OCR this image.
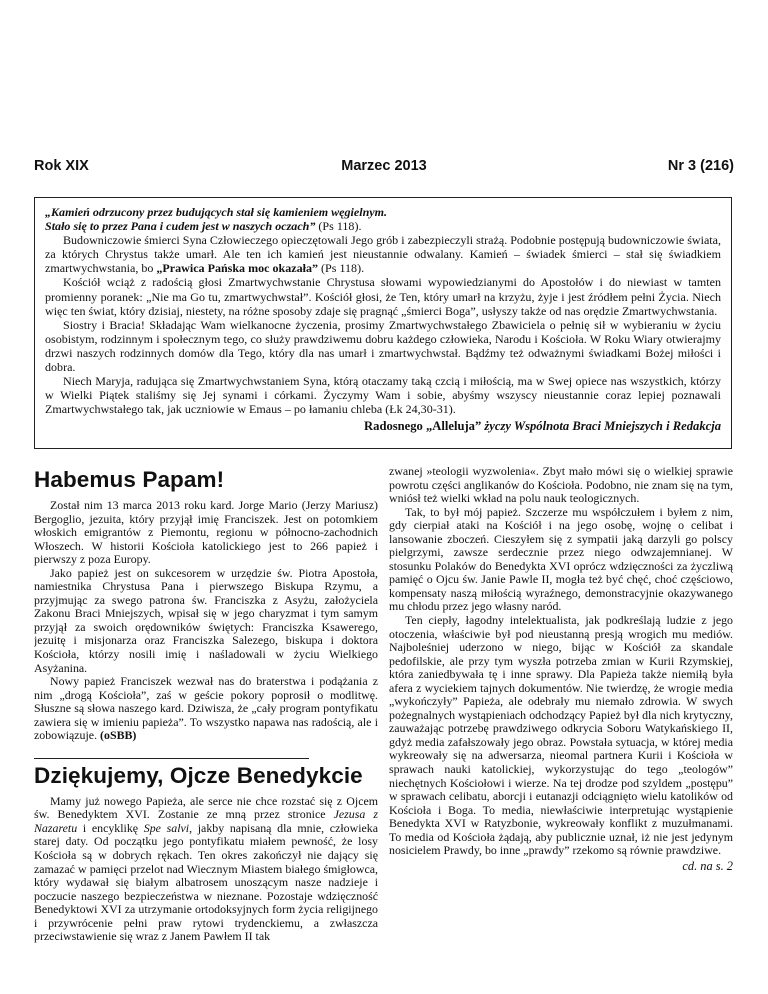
Rok XIX	Marzec 2013	Nr 3 (216)
„Kamień odrzucony przez budujących stał się kamieniem węgielnym.
Stało się to przez Pana i cudem jest w naszych oczach” (Ps 118).

Budowniczowie śmierci Syna Człowieczego opieczętowali Jego grób i zabezpieczyli strażą. Podobnie postępują budowniczowie świata, za których Chrystus także umarł. Ale ten ich kamień jest nieustannie odwalany. Kamień – świadek śmierci – stał się świadkiem zmartwychwstania, bo „Prawica Pańska moc okazała” (Ps 118).

Kościół wciąż z radością głosi Zmartwychwstanie Chrystusa słowami wypowiedzianymi do Apostołów i do niewiast w tamten promienny poranek: „Nie ma Go tu, zmartwychwstał”. Kościół głosi, że Ten, który umarł na krzyżu, żyje i jest źródłem pełni Życia. Niech więc ten świat, który dzisiaj, niestety, na różne sposoby zdaje się pragnąć „śmierci Boga”, usłyszy także od nas orędzie Zmartwychwstania.

Siostry i Bracia! Składając Wam wielkanocne życzenia, prosimy Zmartwychwstałego Zbawiciela o pełnię sił w wybieraniu w życiu osobistym, rodzinnym i społecznym tego, co służy prawdziwemu dobru każdego człowieka, Narodu i Kościoła. W Roku Wiary otwierajmy drzwi naszych rodzinnych domów dla Tego, który dla nas umarł i zmartwychwstał. Bądźmy też odważnymi świadkami Bożej miłości i dobra.

Niech Maryja, radująca się Zmartwychwstaniem Syna, którą otaczamy taką czcią i miłością, ma w Swej opiece nas wszystkich, którzy w Wielki Piątek staliśmy się Jej synami i córkami. Życzymy Wam i sobie, abyśmy wszyscy nieustannie coraz lepiej poznawali Zmartwychwstałego tak, jak uczniowie w Emaus – po łamaniu chleba (Łk 24,30-31).

Radosnego „Alleluja” życzy Wspólnota Braci Mniejszych i Redakcja

Habemus Papam!

Został nim 13 marca 2013 roku kard. Jorge Mario (Jerzy Mariusz) Bergoglio, jezuita, który przyjął imię Franciszek. Jest on potomkiem włoskich emigrantów z Piemontu, regionu w północno-zachodnich Włoszech. W historii Kościoła katolickiego jest to 266 papież i pierwszy z poza Europy.

Jako papież jest on sukcesorem w urzędzie św. Piotra Apostoła, namiestnika Chrystusa Pana i pierwszego Biskupa Rzymu, a przyjmując za swego patrona św. Franciszka z Asyżu, założyciela Zakonu Braci Mniejszych, wpisał się w jego charyzmat i tym samym przyjął za swoich orędowników świętych: Franciszka Ksawerego, jezuitę i misjonarza oraz Franciszka Salezego, biskupa i doktora Kościoła, którzy nosili imię i naśladowali w życiu Wielkiego Asyżanina.

Nowy papież Franciszek wezwał nas do braterstwa i podążania z nim „drogą Kościoła”, zaś w geście pokory poprosił o modlitwę. Słuszne są słowa naszego kard. Dziwisza, że „cały program pontyfikatu zawiera się w imieniu papieża”. To wszystko napawa nas radością, ale i zobowiązuje. (oSBB)

Dziękujemy, Ojcze Benedykcie

Mamy już nowego Papieża, ale serce nie chce rozstać się z Ojcem św. Benedyktem XVI. Zostanie ze mną przez stronice Jezusa z Nazaretu i encyklikę Spe salvi, jakby napisaną dla mnie, człowieka starej daty. Od początku jego pontyfikatu miałem pewność, że losy Kościoła są w dobrych rękach. Ten okres zakończył nie dający się zamazać w pamięci przelot nad Wiecznym Miastem białego śmigłowca, który wydawał się białym albatrosem unoszącym nasze nadzieje i poczucie naszego bezpieczeństwa w nieznane. Pozostaje wdzięczność Benedyktowi XVI za utrzymanie ortodoksyjnych form życia religijnego i przywrócenie pełni praw rytowi trydenckiemu, a zwłaszcza przeciwstawienie się wraz z Janem Pawłem II tak

zwanej »teologii wyzwolenia«. Zbyt mało mówi się o wielkiej sprawie powrotu części anglikanów do Kościoła. Podobno, nie znam się na tym, wniósł też wielki wkład na polu nauk teologicznych.

Tak, to był mój papież. Szczerze mu współczułem i byłem z nim, gdy cierpiał ataki na Kościół i na jego osobę, wojnę o celibat i lansowanie zboczeń. Cieszyłem się z sympatii jaką darzyli go polscy pielgrzymi, zawsze serdecznie przez niego odwzajemnianej. W stosunku Polaków do Benedykta XVI oprócz wdzięczności za życzliwą pamięć o Ojcu św. Janie Pawle II, mogła też być chęć, choć częściowo, kompensaty naszą miłością wyraźnego, demonstracyjnie okazywanego mu chłodu przez jego własny naród.

Ten ciepły, łagodny intelektualista, jak podkreślają ludzie z jego otoczenia, właściwie był pod nieustanną presją wrogich mu mediów. Najboleśniej uderzono w niego, bijąc w Kościół za skandale pedofilskie, ale przy tym wyszła potrzeba zmian w Kurii Rzymskiej, która zaniedbywała tę i inne sprawy. Dla Papieża także niemiłą była afera z wyciekiem tajnych dokumentów. Nie twierdzę, że wrogie media „wykończyły” Papieża, ale odebrały mu niemało zdrowia. W swych pożegnalnych wystąpieniach odchodzący Papież był dla nich krytyczny, zauważając potrzebę prawdziwego odkrycia Soboru Watykańskiego II, gdyż media zafałszowały jego obraz. Powstała sytuacja, w której media wykreowały się na adwersarza, nieomal partnera Kurii i Kościoła w sprawach nauki katolickiej, wykorzystując do tego „teologów” niechętnych Kościołowi i wierze. Na tej drodze pod szyldem „postępu” w sprawach celibatu, aborcji i eutanazji odciągnięto wielu katolików od Kościoła i Boga. To media, niewłaściwie interpretując wystąpienie Benedykta XVI w Ratyzbonie, wykreowały konflikt z muzułmanami. To media od Kościoła żądają, aby publicznie uznał, iż nie jest jedynym nosicielem Prawdy, bo inne „prawdy” rzekomo są równie prawdziwe.

cd. na s. 2
